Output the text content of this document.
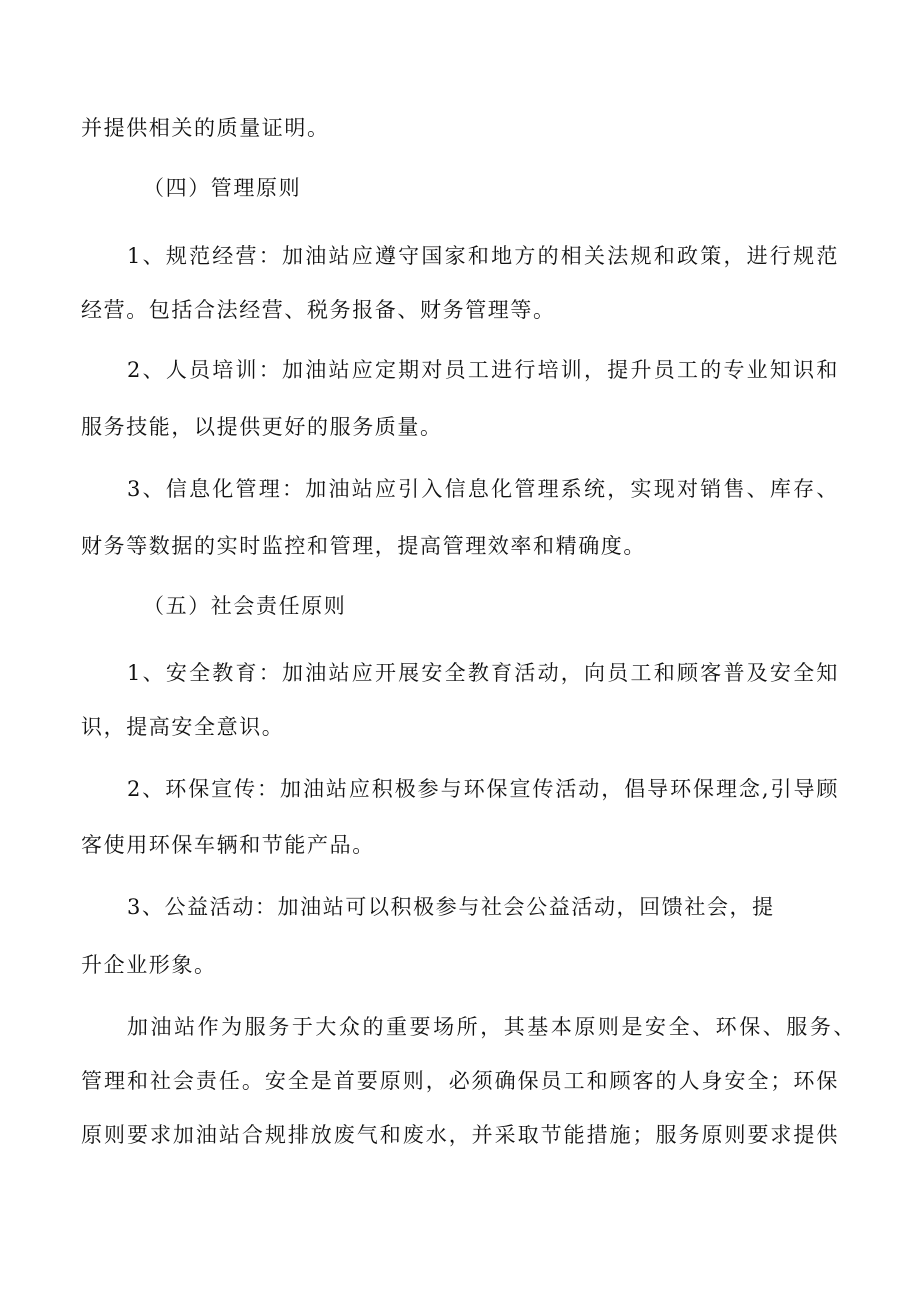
并提供相关的质量证明。
（四）管理原则
1、规范经营：加油站应遵守国家和地方的相关法规和政策，进行规范
经营。包括合法经营、税务报备、财务管理等。
2、人员培训：加油站应定期对员工进行培训，提升员工的专业知识和
服务技能，以提供更好的服务质量。
3、信息化管理：加油站应引入信息化管理系统，实现对销售、库存、
财务等数据的实时监控和管理，提高管理效率和精确度。
（五）社会责任原则
1、安全教育：加油站应开展安全教育活动，向员工和顾客普及安全知
识，提高安全意识。
2、环保宣传：加油站应积极参与环保宣传活动，倡导环保理念,引导顾
客使用环保车辆和节能产品。
3、公益活动：加油站可以积极参与社会公益活动，回馈社会，提
升企业形象。
加油站作为服务于大众的重要场所，其基本原则是安全、环保、服务、
管理和社会责任。安全是首要原则，必须确保员工和顾客的人身安全；环保
原则要求加油站合规排放废气和废水，并采取节能措施；服务原则要求提供
